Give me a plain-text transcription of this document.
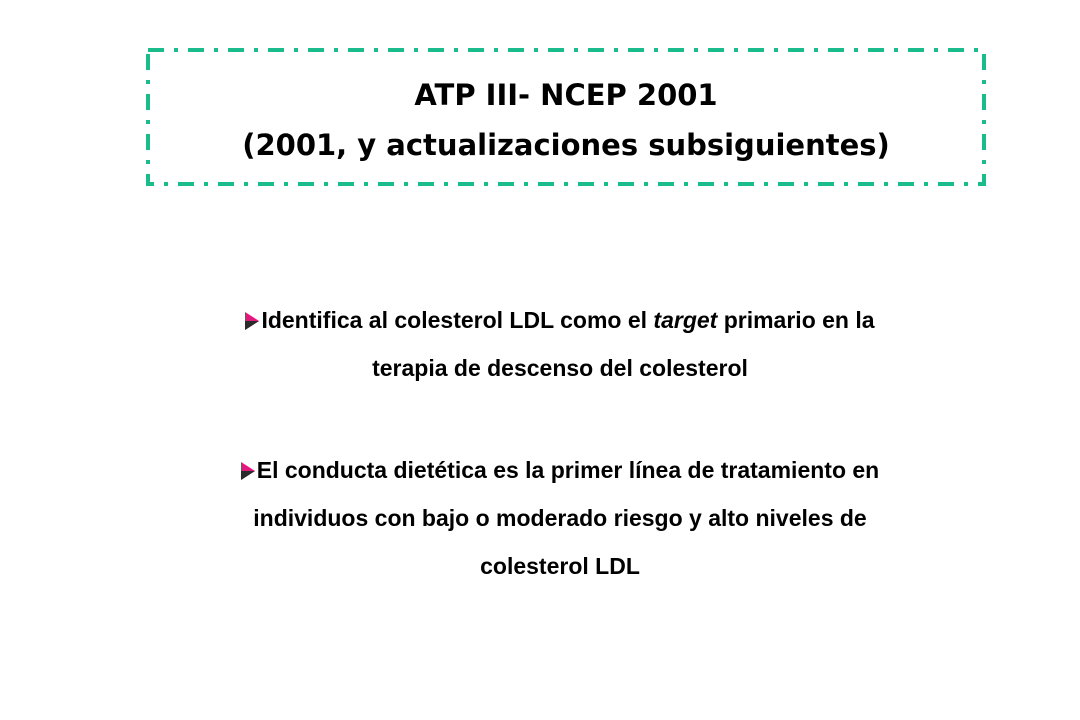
ATP III- NCEP 2001
(2001, y actualizaciones subsiguientes)
Identifica al colesterol LDL como el target primario en la
terapia de descenso del colesterol
El conducta dietética es la primer línea de tratamiento en
individuos con bajo o moderado riesgo y alto niveles de
colesterol LDL
